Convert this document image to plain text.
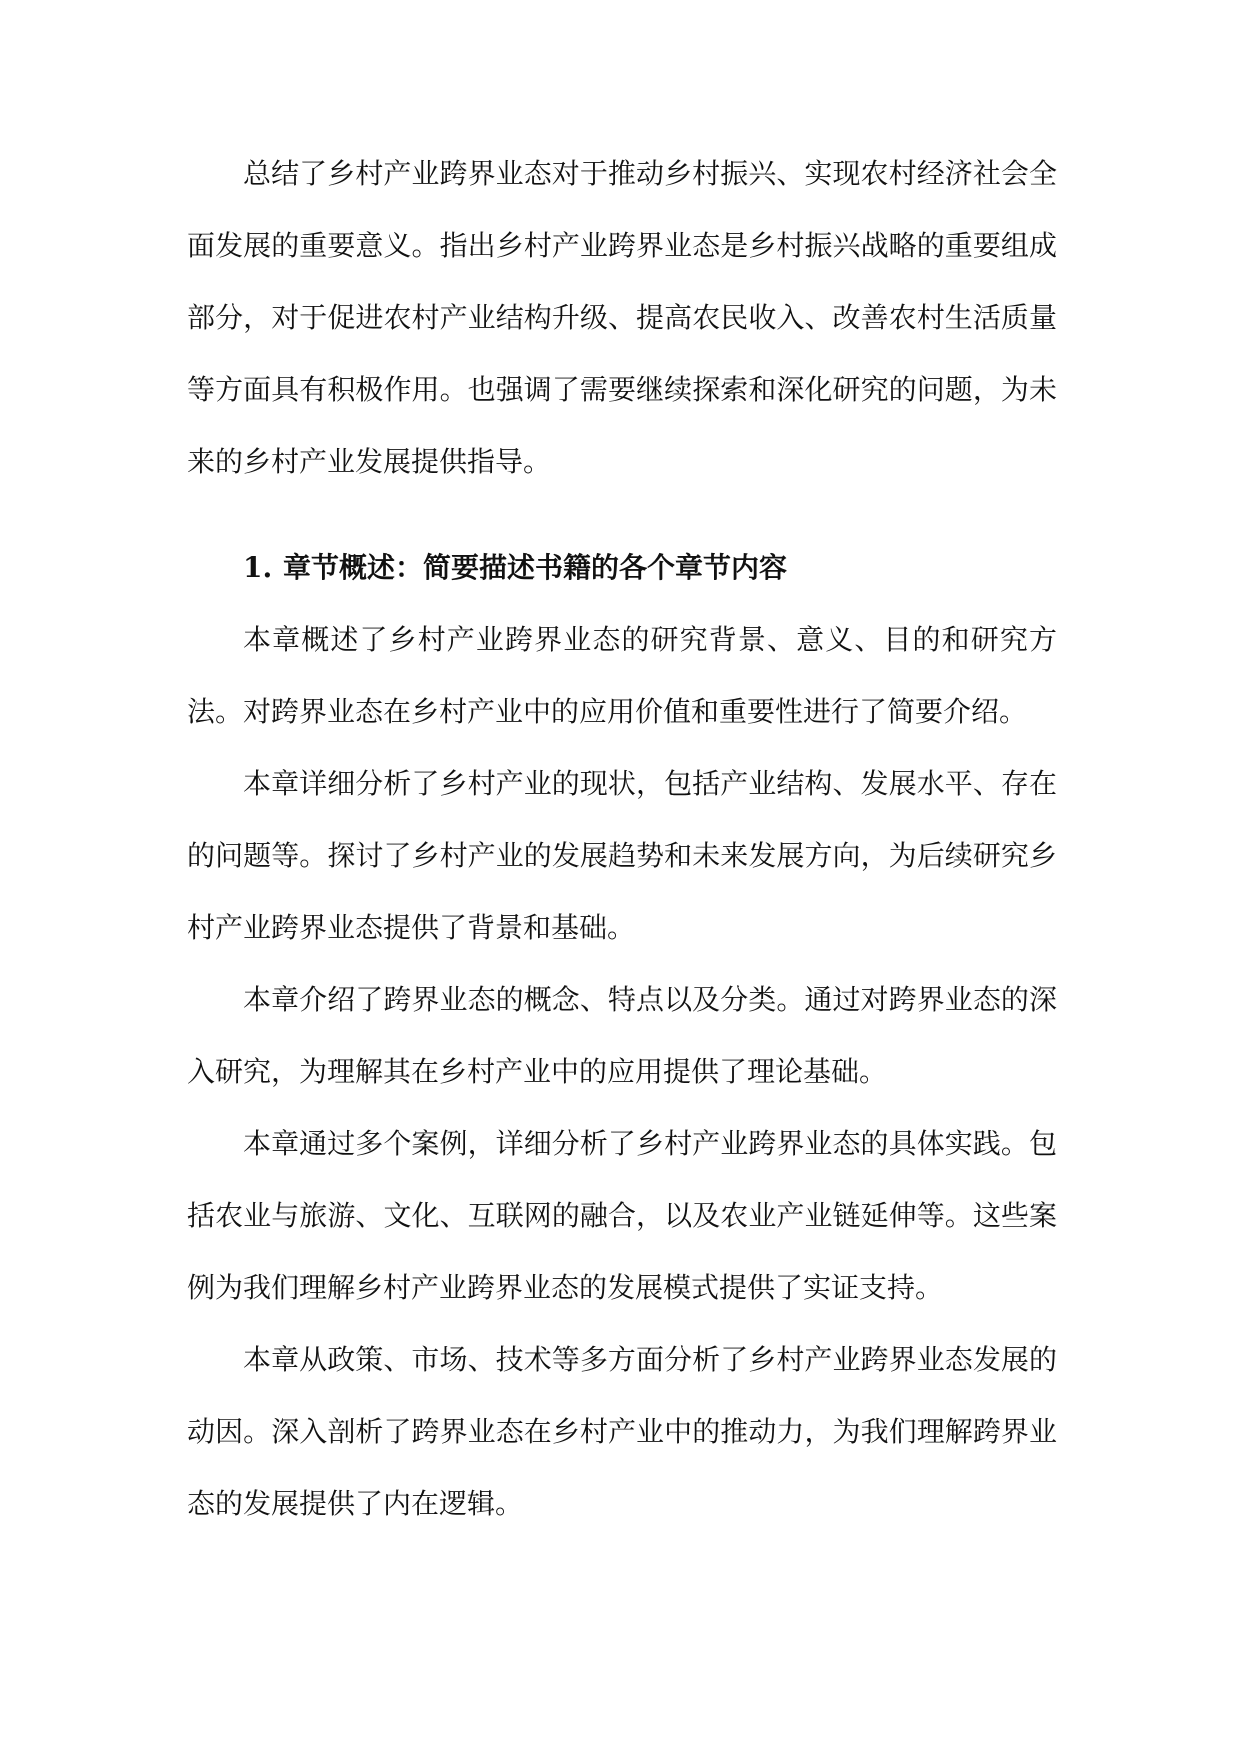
总结了乡村产业跨界业态对于推动乡村振兴、实现农村经济社会全面发展的重要意义。指出乡村产业跨界业态是乡村振兴战略的重要组成部分，对于促进农村产业结构升级、提高农民收入、改善农村生活质量等方面具有积极作用。也强调了需要继续探索和深化研究的问题，为未来的乡村产业发展提供指导。

1. 章节概述：简要描述书籍的各个章节内容

本章概述了乡村产业跨界业态的研究背景、意义、目的和研究方法。对跨界业态在乡村产业中的应用价值和重要性进行了简要介绍。

本章详细分析了乡村产业的现状，包括产业结构、发展水平、存在的问题等。探讨了乡村产业的发展趋势和未来发展方向，为后续研究乡村产业跨界业态提供了背景和基础。

本章介绍了跨界业态的概念、特点以及分类。通过对跨界业态的深入研究，为理解其在乡村产业中的应用提供了理论基础。

本章通过多个案例，详细分析了乡村产业跨界业态的具体实践。包括农业与旅游、文化、互联网的融合，以及农业产业链延伸等。这些案例为我们理解乡村产业跨界业态的发展模式提供了实证支持。

本章从政策、市场、技术等多方面分析了乡村产业跨界业态发展的动因。深入剖析了跨界业态在乡村产业中的推动力，为我们理解跨界业态的发展提供了内在逻辑。
